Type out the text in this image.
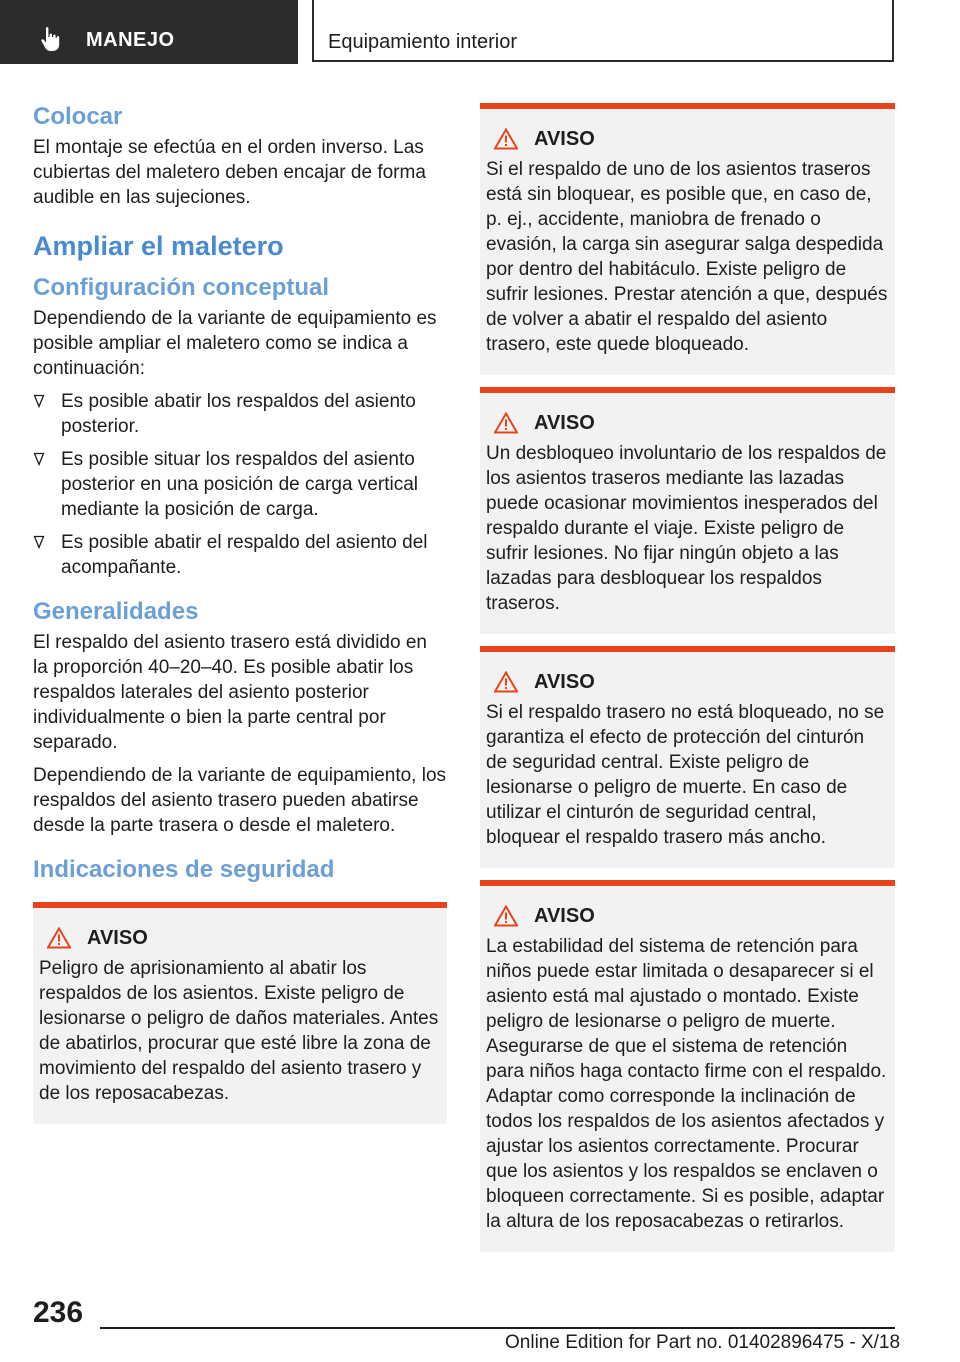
MANEJO	Equipamiento interior
Colocar

El montaje se efectúa en el orden inverso. Las cubiertas del maletero deben encajar de forma audible en las sujeciones.

Ampliar el maletero
Configuración conceptual

Dependiendo de la variante de equipamiento es posible ampliar el maletero como se indica a continuación:

Es posible abatir los respaldos del asiento posterior.
Es posible situar los respaldos del asiento posterior en una posición de carga vertical mediante la posición de carga.
Es posible abatir el respaldo del asiento del acompañante.
Generalidades

El respaldo del asiento trasero está dividido en la proporción 40–20–40. Es posible abatir los respaldos laterales del asiento posterior individualmente o bien la parte central por separado.

Dependiendo de la variante de equipamiento, los respaldos del asiento trasero pueden abatirse desde la parte trasera o desde el maletero.

Indicaciones de seguridad
AVISO

Peligro de aprisionamiento al abatir los respaldos de los asientos. Existe peligro de lesionarse o peligro de daños materiales. Antes de abatirlos, procurar que esté libre la zona de movimiento del respaldo del asiento trasero y de los reposacabezas.

AVISO

Si el respaldo de uno de los asientos traseros está sin bloquear, es posible que, en caso de, p. ej., accidente, maniobra de frenado o evasión, la carga sin asegurar salga despedida por dentro del habitáculo. Existe peligro de sufrir lesiones. Prestar atención a que, después de volver a abatir el respaldo del asiento trasero, este quede bloqueado.

AVISO

Un desbloqueo involuntario de los respaldos de los asientos traseros mediante las lazadas puede ocasionar movimientos inesperados del respaldo durante el viaje. Existe peligro de sufrir lesiones. No fijar ningún objeto a las lazadas para desbloquear los respaldos traseros.

AVISO

Si el respaldo trasero no está bloqueado, no se garantiza el efecto de protección del cinturón de seguridad central. Existe peligro de lesionarse o peligro de muerte. En caso de utilizar el cinturón de seguridad central, bloquear el respaldo trasero más ancho.

AVISO

La estabilidad del sistema de retención para niños puede estar limitada o desaparecer si el asiento está mal ajustado o montado. Existe peligro de lesionarse o peligro de muerte. Asegurarse de que el sistema de retención para niños haga contacto firme con el respaldo. Adaptar como corresponde la inclinación de todos los respaldos de los asientos afectados y ajustar los asientos correctamente. Procurar que los asientos y los respaldos se enclaven o bloqueen correctamente. Si es posible, adaptar la altura de los reposacabezas o retirarlos.

236
Online Edition for Part no. 01402896475 - X/18
